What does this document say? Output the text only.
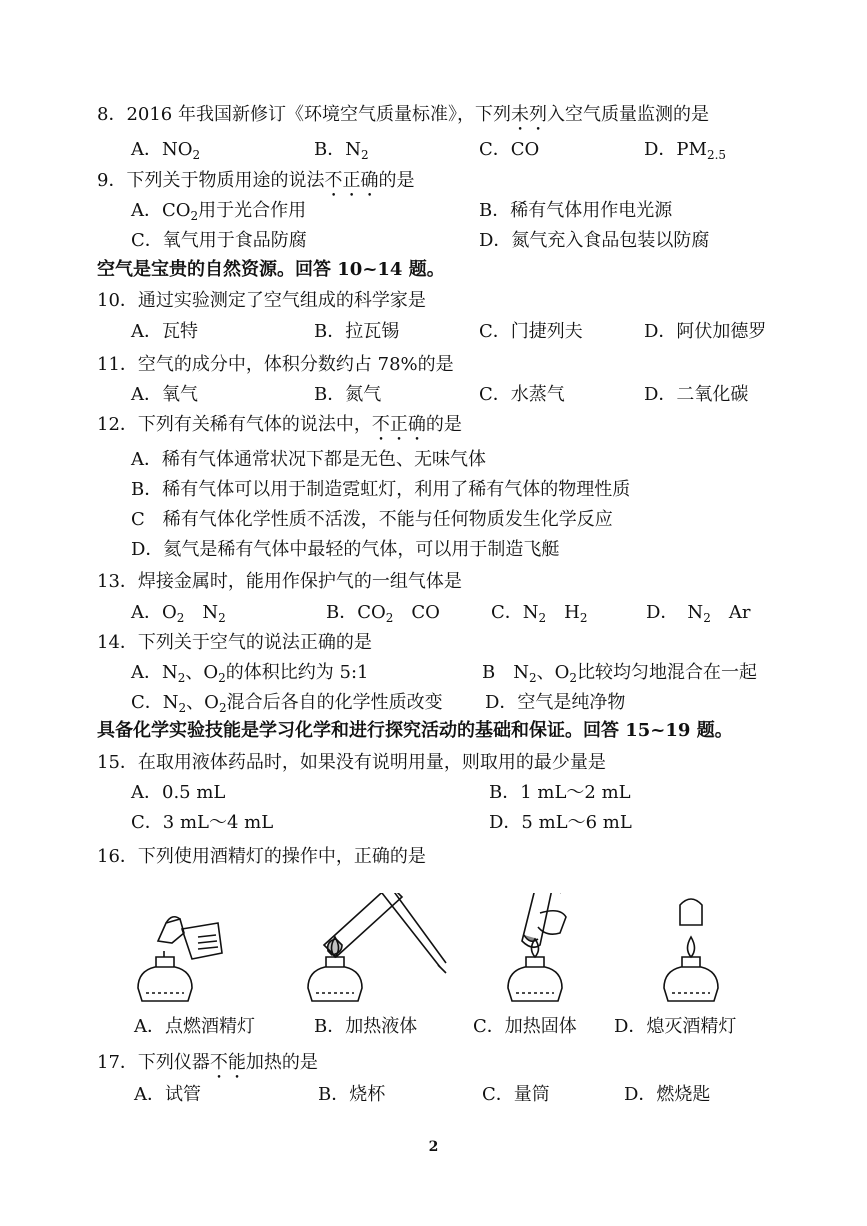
8．2016 年我国新修订《环境空气质量标准》，下列未列入空气质量监测的是
A．$NO_2$	B．$N_2$	C．CO	D．$PM_{2.5}$
9．下列关于物质用途的说法不正确的是
A．$CO_2$用于光合作用	B．稀有气体用作电光源
C．氧气用于食品防腐	D．氮气充入食品包装以防腐
空气是宝贵的自然资源。回答 10~14 题。
10．通过实验测定了空气组成的科学家是
A．瓦特	B．拉瓦锡	C．门捷列夫	D．阿伏加德罗
11．空气的成分中，体积分数约占 78%的是
A．氧气	B．氮气	C．水蒸气	D．二氧化碳
12．下列有关稀有气体的说法中，不正确的是
A．稀有气体通常状况下都是无色、无味气体
B．稀有气体可以用于制造霓虹灯，利用了稀有气体的物理性质
C　稀有气体化学性质不活泼，不能与任何物质发生化学反应
D．氦气是稀有气体中最轻的气体，可以用于制造飞艇
13．焊接金属时，能用作保护气的一组气体是
A．$O_2$　$N_2$	B．$CO_2$　CO	C．$N_2$　$H_2$	D．　$N_2$　Ar
14．下列关于空气的说法正确的是
A．$N_2$、$O_2$的体积比约为 5:1	B　$N_2$、$O_2$比较均匀地混合在一起
C．$N_2$、$O_2$混合后各自的化学性质改变 D．空气是纯净物
具备化学实验技能是学习化学和进行探究活动的基础和保证。回答 15~19 题。
15．在取用液体药品时，如果没有说明用量，则取用的最少量是
A．0.5 mL	B．1 mL～2 mL
C．3 mL～4 mL	D．5 mL～6 mL
16．下列使用酒精灯的操作中，正确的是
A．点燃酒精灯	B．加热液体	C．加热固体 D．熄灭酒精灯
17．下列仪器不能加热的是
A．试管	B．烧杯	C．量筒	D．燃烧匙
2
